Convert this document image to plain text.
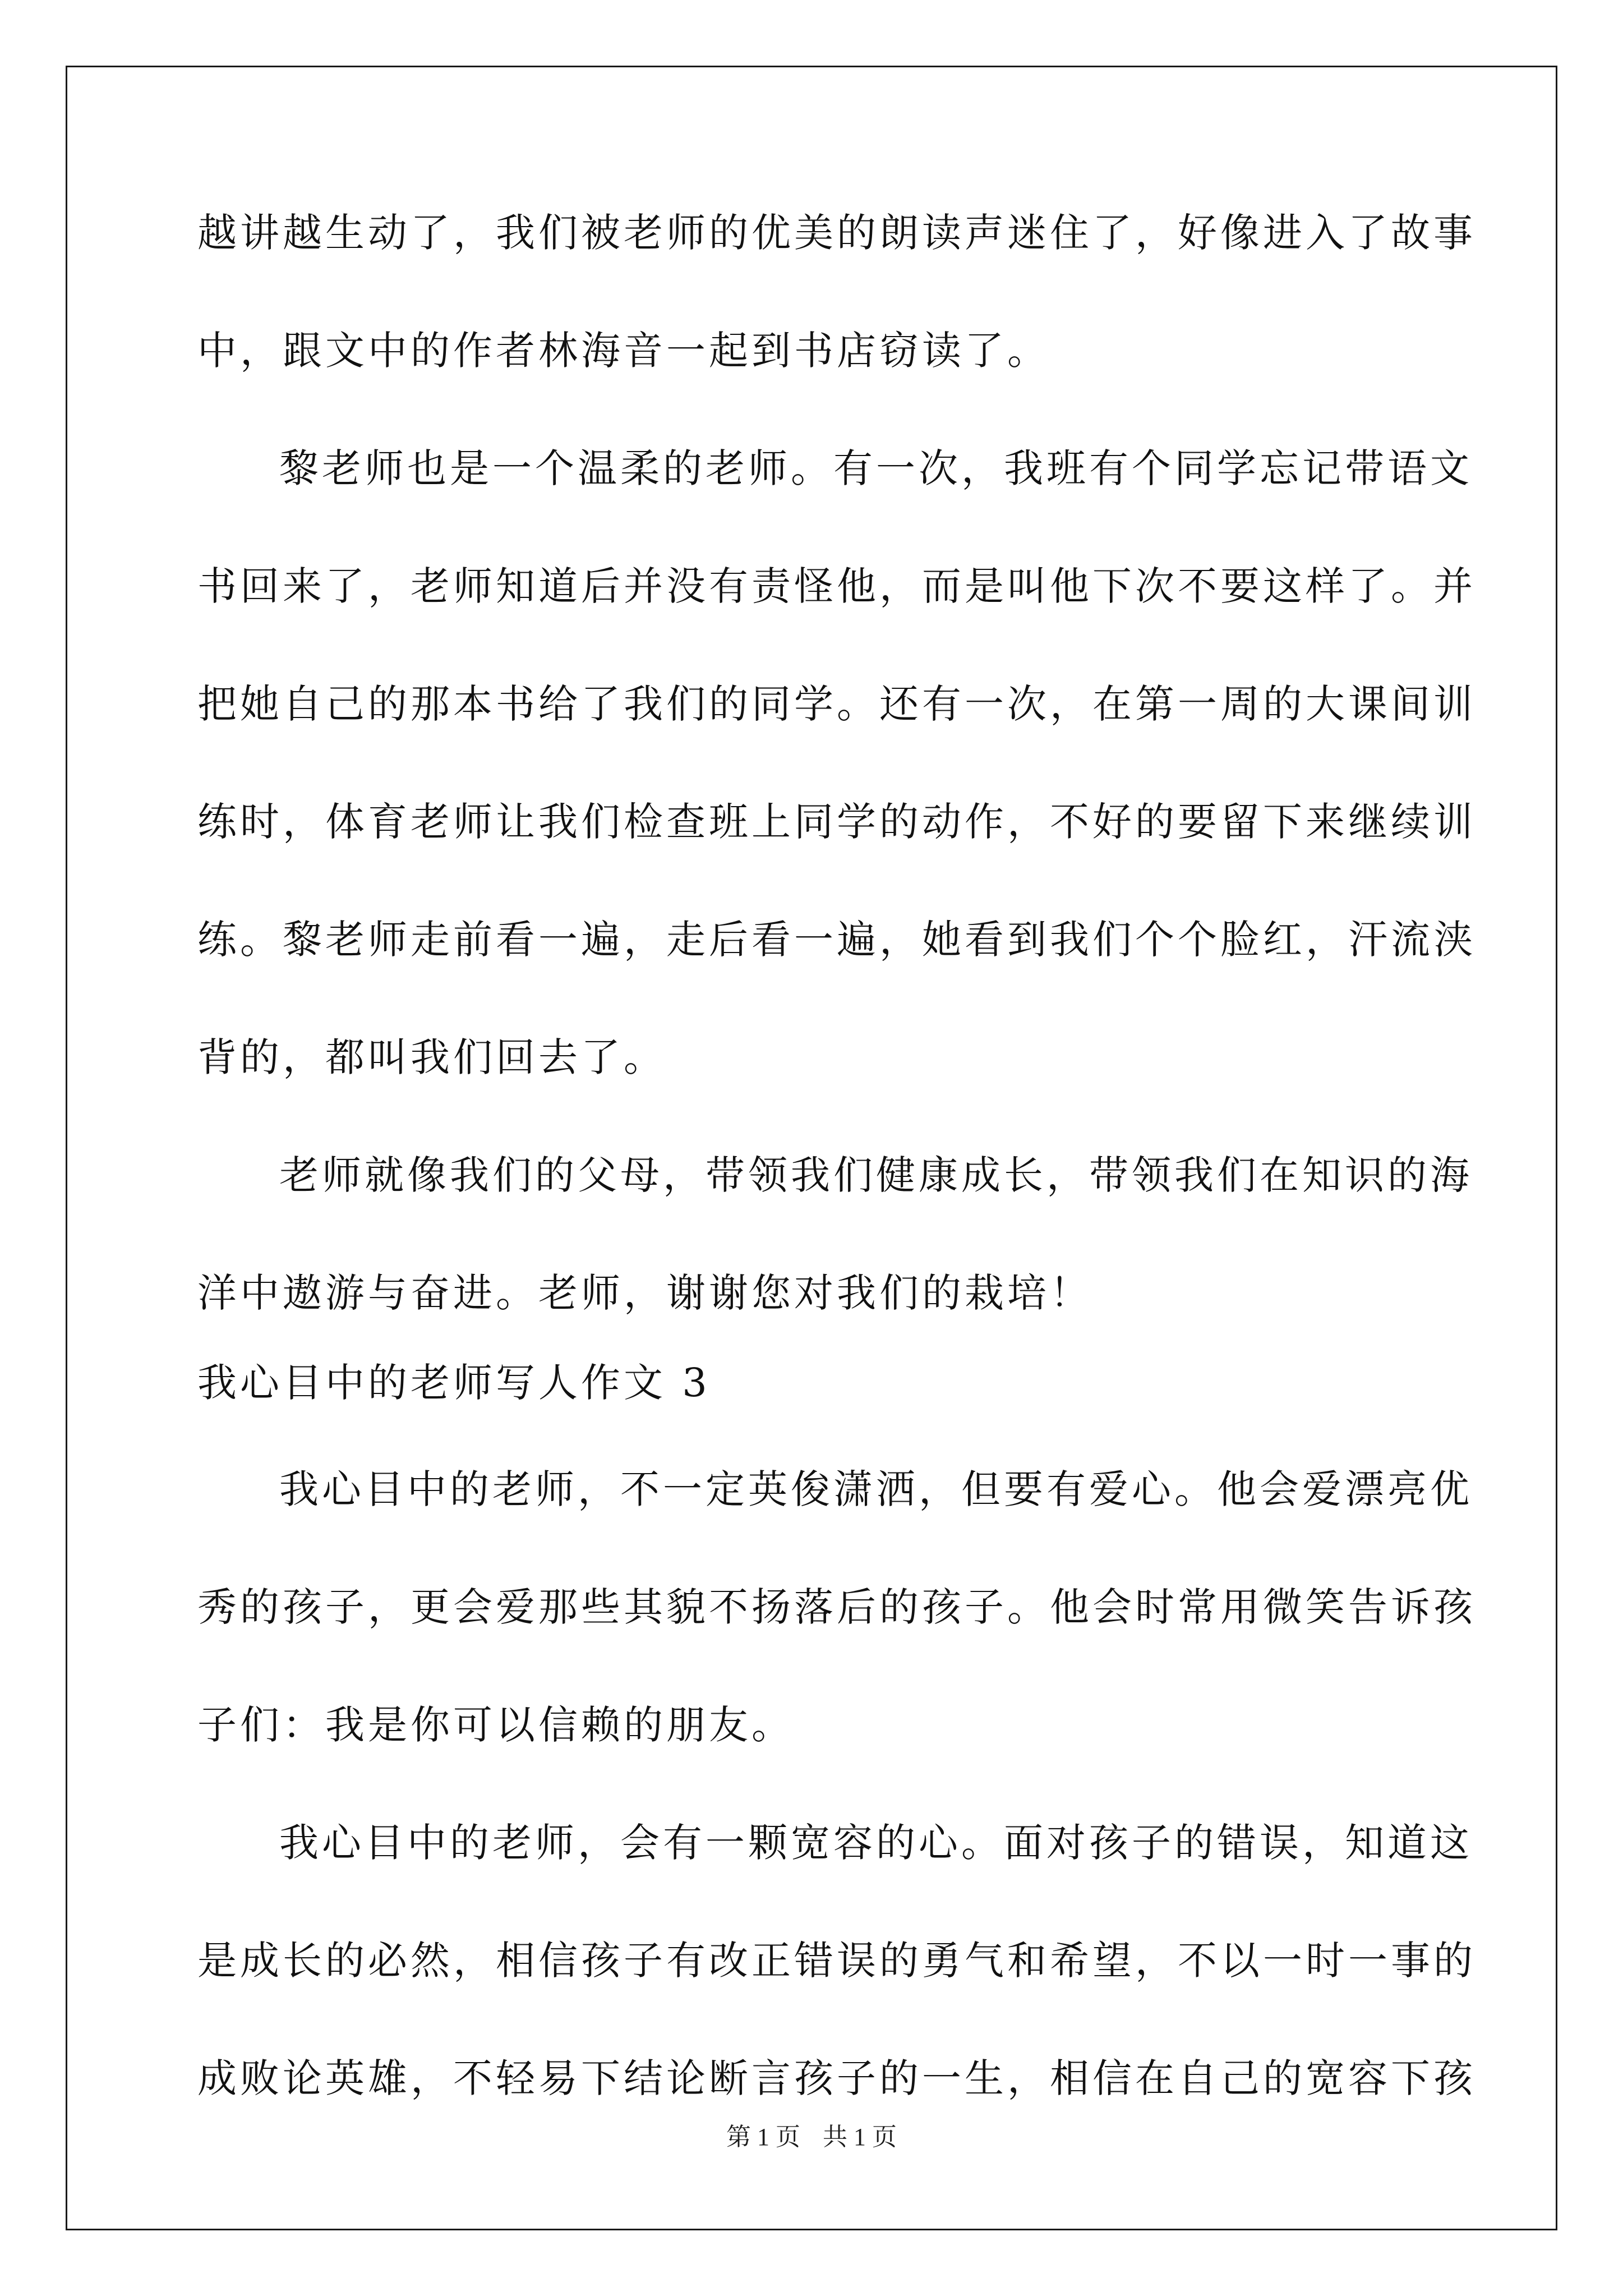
越讲越生动了，我们被老师的优美的朗读声迷住了，好像进入了故事
中，跟文中的作者林海音一起到书店窃读了。
黎老师也是一个温柔的老师。有一次，我班有个同学忘记带语文
书回来了，老师知道后并没有责怪他，而是叫他下次不要这样了。并
把她自己的那本书给了我们的同学。还有一次，在第一周的大课间训
练时，体育老师让我们检查班上同学的动作，不好的要留下来继续训
练。黎老师走前看一遍，走后看一遍，她看到我们个个脸红，汗流浃
背的，都叫我们回去了。
老师就像我们的父母，带领我们健康成长，带领我们在知识的海
洋中遨游与奋进。老师，谢谢您对我们的栽培！
我心目中的老师写人作文 3
我心目中的老师，不一定英俊潇洒，但要有爱心。他会爱漂亮优
秀的孩子，更会爱那些其貌不扬落后的孩子。他会时常用微笑告诉孩
子们：我是你可以信赖的朋友。
我心目中的老师，会有一颗宽容的心。面对孩子的错误，知道这
是成长的必然，相信孩子有改正错误的勇气和希望，不以一时一事的
成败论英雄，不轻易下结论断言孩子的一生，相信在自己的宽容下孩
第 1 页 共 1 页
